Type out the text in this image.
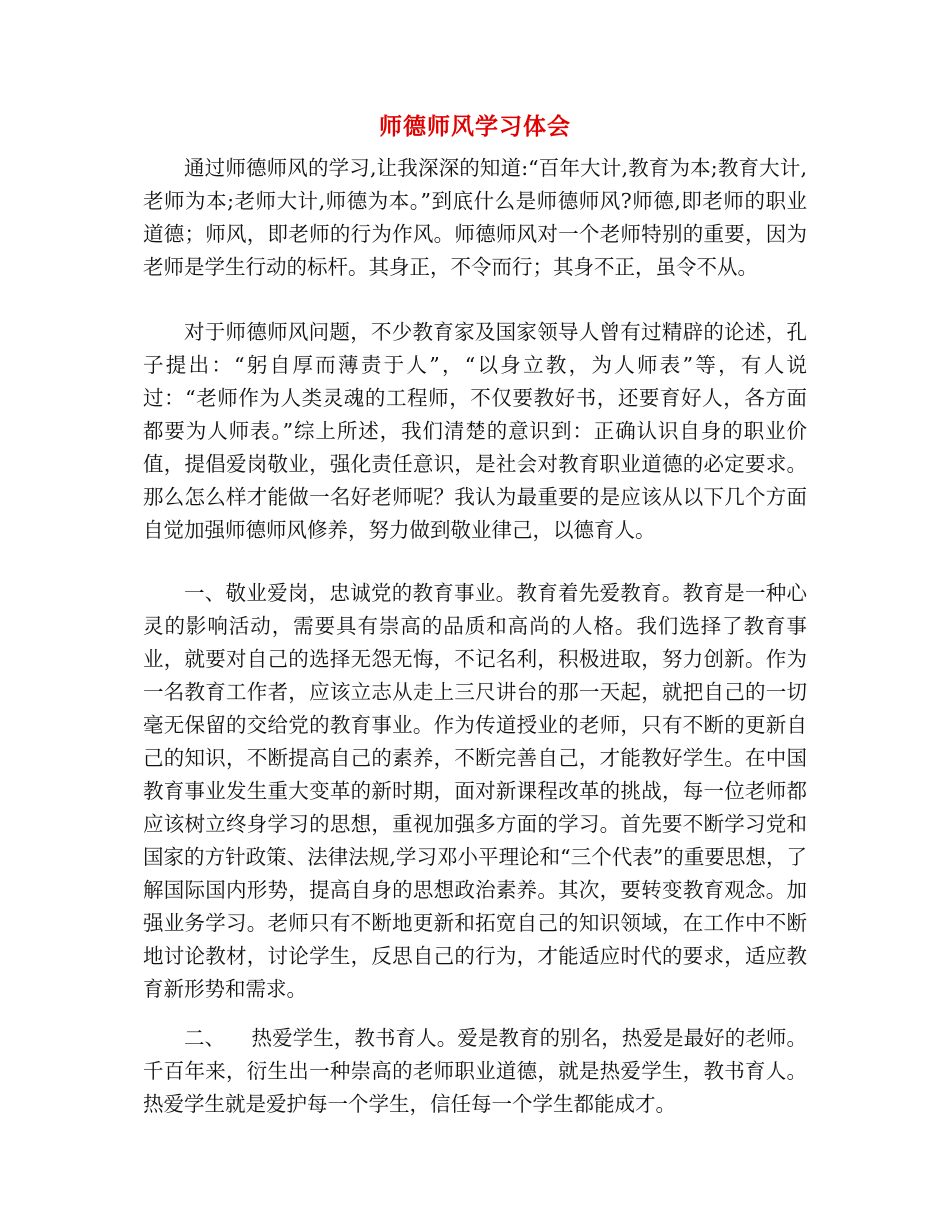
师德师风学习体会

通过师德师风的学习,让我深深的知道:“百年大计,教育为本;教育大计,老师为本;老师大计,师德为本。”到底什么是师德师风?师德,即老师的职业道德；师风，即老师的行为作风。师德师风对一个老师特别的重要，因为老师是学生行动的标杆。其身正，不令而行；其身不正，虽令不从。

对于师德师风问题，不少教育家及国家领导人曾有过精辟的论述，孔子提出：“躬自厚而薄责于人”，“以身立教，为人师表”等，有人说过：“老师作为人类灵魂的工程师，不仅要教好书，还要育好人，各方面都要为人师表。”综上所述，我们清楚的意识到：正确认识自身的职业价值，提倡爱岗敬业，强化责任意识，是社会对教育职业道德的必定要求。那么怎么样才能做一名好老师呢？我认为最重要的是应该从以下几个方面自觉加强师德师风修养，努力做到敬业律己，以德育人。

一、敬业爱岗，忠诚党的教育事业。教育着先爱教育。教育是一种心灵的影响活动，需要具有崇高的品质和高尚的人格。我们选择了教育事业，就要对自己的选择无怨无悔，不记名利，积极进取，努力创新。作为一名教育工作者，应该立志从走上三尺讲台的那一天起，就把自己的一切毫无保留的交给党的教育事业。作为传道授业的老师，只有不断的更新自己的知识，不断提高自己的素养，不断完善自己，才能教好学生。在中国教育事业发生重大变革的新时期，面对新课程改革的挑战，每一位老师都应该树立终身学习的思想，重视加强多方面的学习。首先要不断学习党和国家的方针政策、法律法规,学习邓小平理论和“三个代表”的重要思想，了解国际国内形势，提高自身的思想政治素养。其次，要转变教育观念。加强业务学习。老师只有不断地更新和拓宽自己的知识领域，在工作中不断地讨论教材，讨论学生，反思自己的行为，才能适应时代的要求，适应教育新形势和需求。

二、    热爱学生，教书育人。爱是教育的别名，热爱是最好的老师。千百年来，衍生出一种崇高的老师职业道德，就是热爱学生，教书育人。热爱学生就是爱护每一个学生，信任每一个学生都能成才。
